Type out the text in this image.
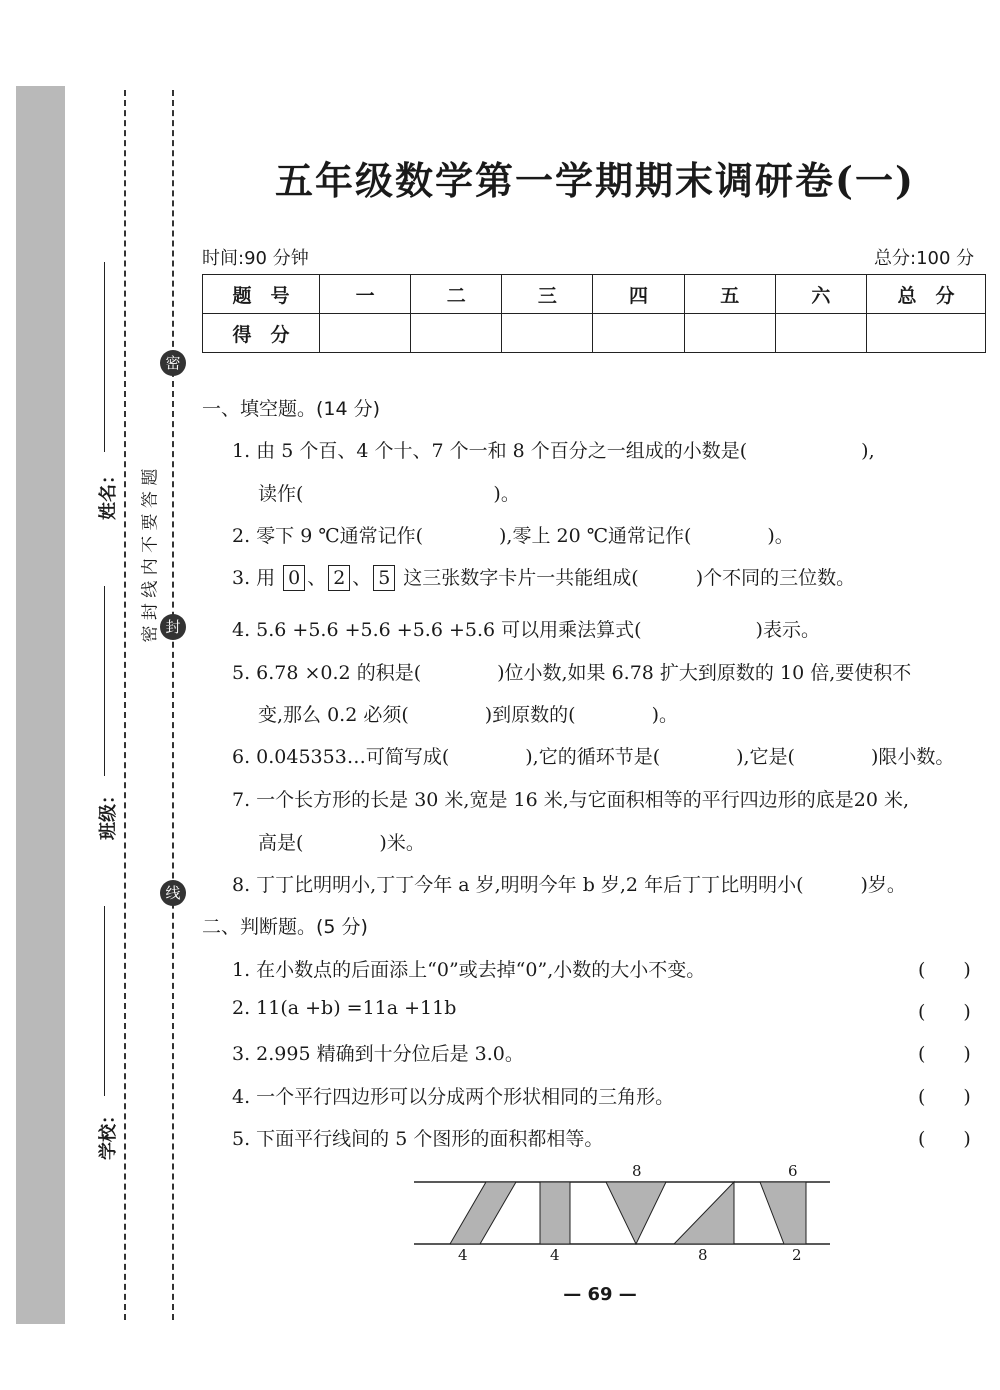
姓名：
班级：
学校：
密
封
线
密 封 线 内 不 要 答 题
五年级数学第一学期期末调研卷(一)
时间:90 分钟	总分:100 分
题　号	一	二	三	四	五	六	总　分
得　分							
一、填空题。(14 分)
1. 由 5 个百、4 个十、7 个一和 8 个百分之一组成的小数是(　　　　　　),
读作(　　　　　　　　　　)。
2. 零下 9 ℃通常记作(　　　　),零上 20 ℃通常记作(　　　　)。
3. 用 0 、 2 、 5 这三张数字卡片一共能组成(　　　)个不同的三位数。
4. 5.6 +5.6 +5.6 +5.6 +5.6 可以用乘法算式(　　　　　　)表示。
5. 6.78 ×0.2 的积是(　　　　)位小数,如果 6.78 扩大到原数的 10 倍,要使积不
变,那么 0.2 必须(　　　　)到原数的(　　　　)。
6. 0.045353…可简写成(　　　　),它的循环节是(　　　　),它是(　　　　)限小数。
7. 一个长方形的长是 30 米,宽是 16 米,与它面积相等的平行四边形的底是20 米,
高是(　　　　)米。
8. 丁丁比明明小,丁丁今年 a 岁,明明今年 b 岁,2 年后丁丁比明明小(　　　)岁。
二、判断题。(5 分)
1. 在小数点的后面添上“0”或去掉“0”,小数的大小不变。
2. 11(a +b) =11a +11b
3. 2.995 精确到十分位后是 3.0。
4. 一个平行四边形可以分成两个形状相同的三角形。
5. 下面平行线间的 5 个图形的面积都相等。
(　　)
(　　)
(　　)
(　　)
(　　)
8	6
4	4	8	2
— 69 —
